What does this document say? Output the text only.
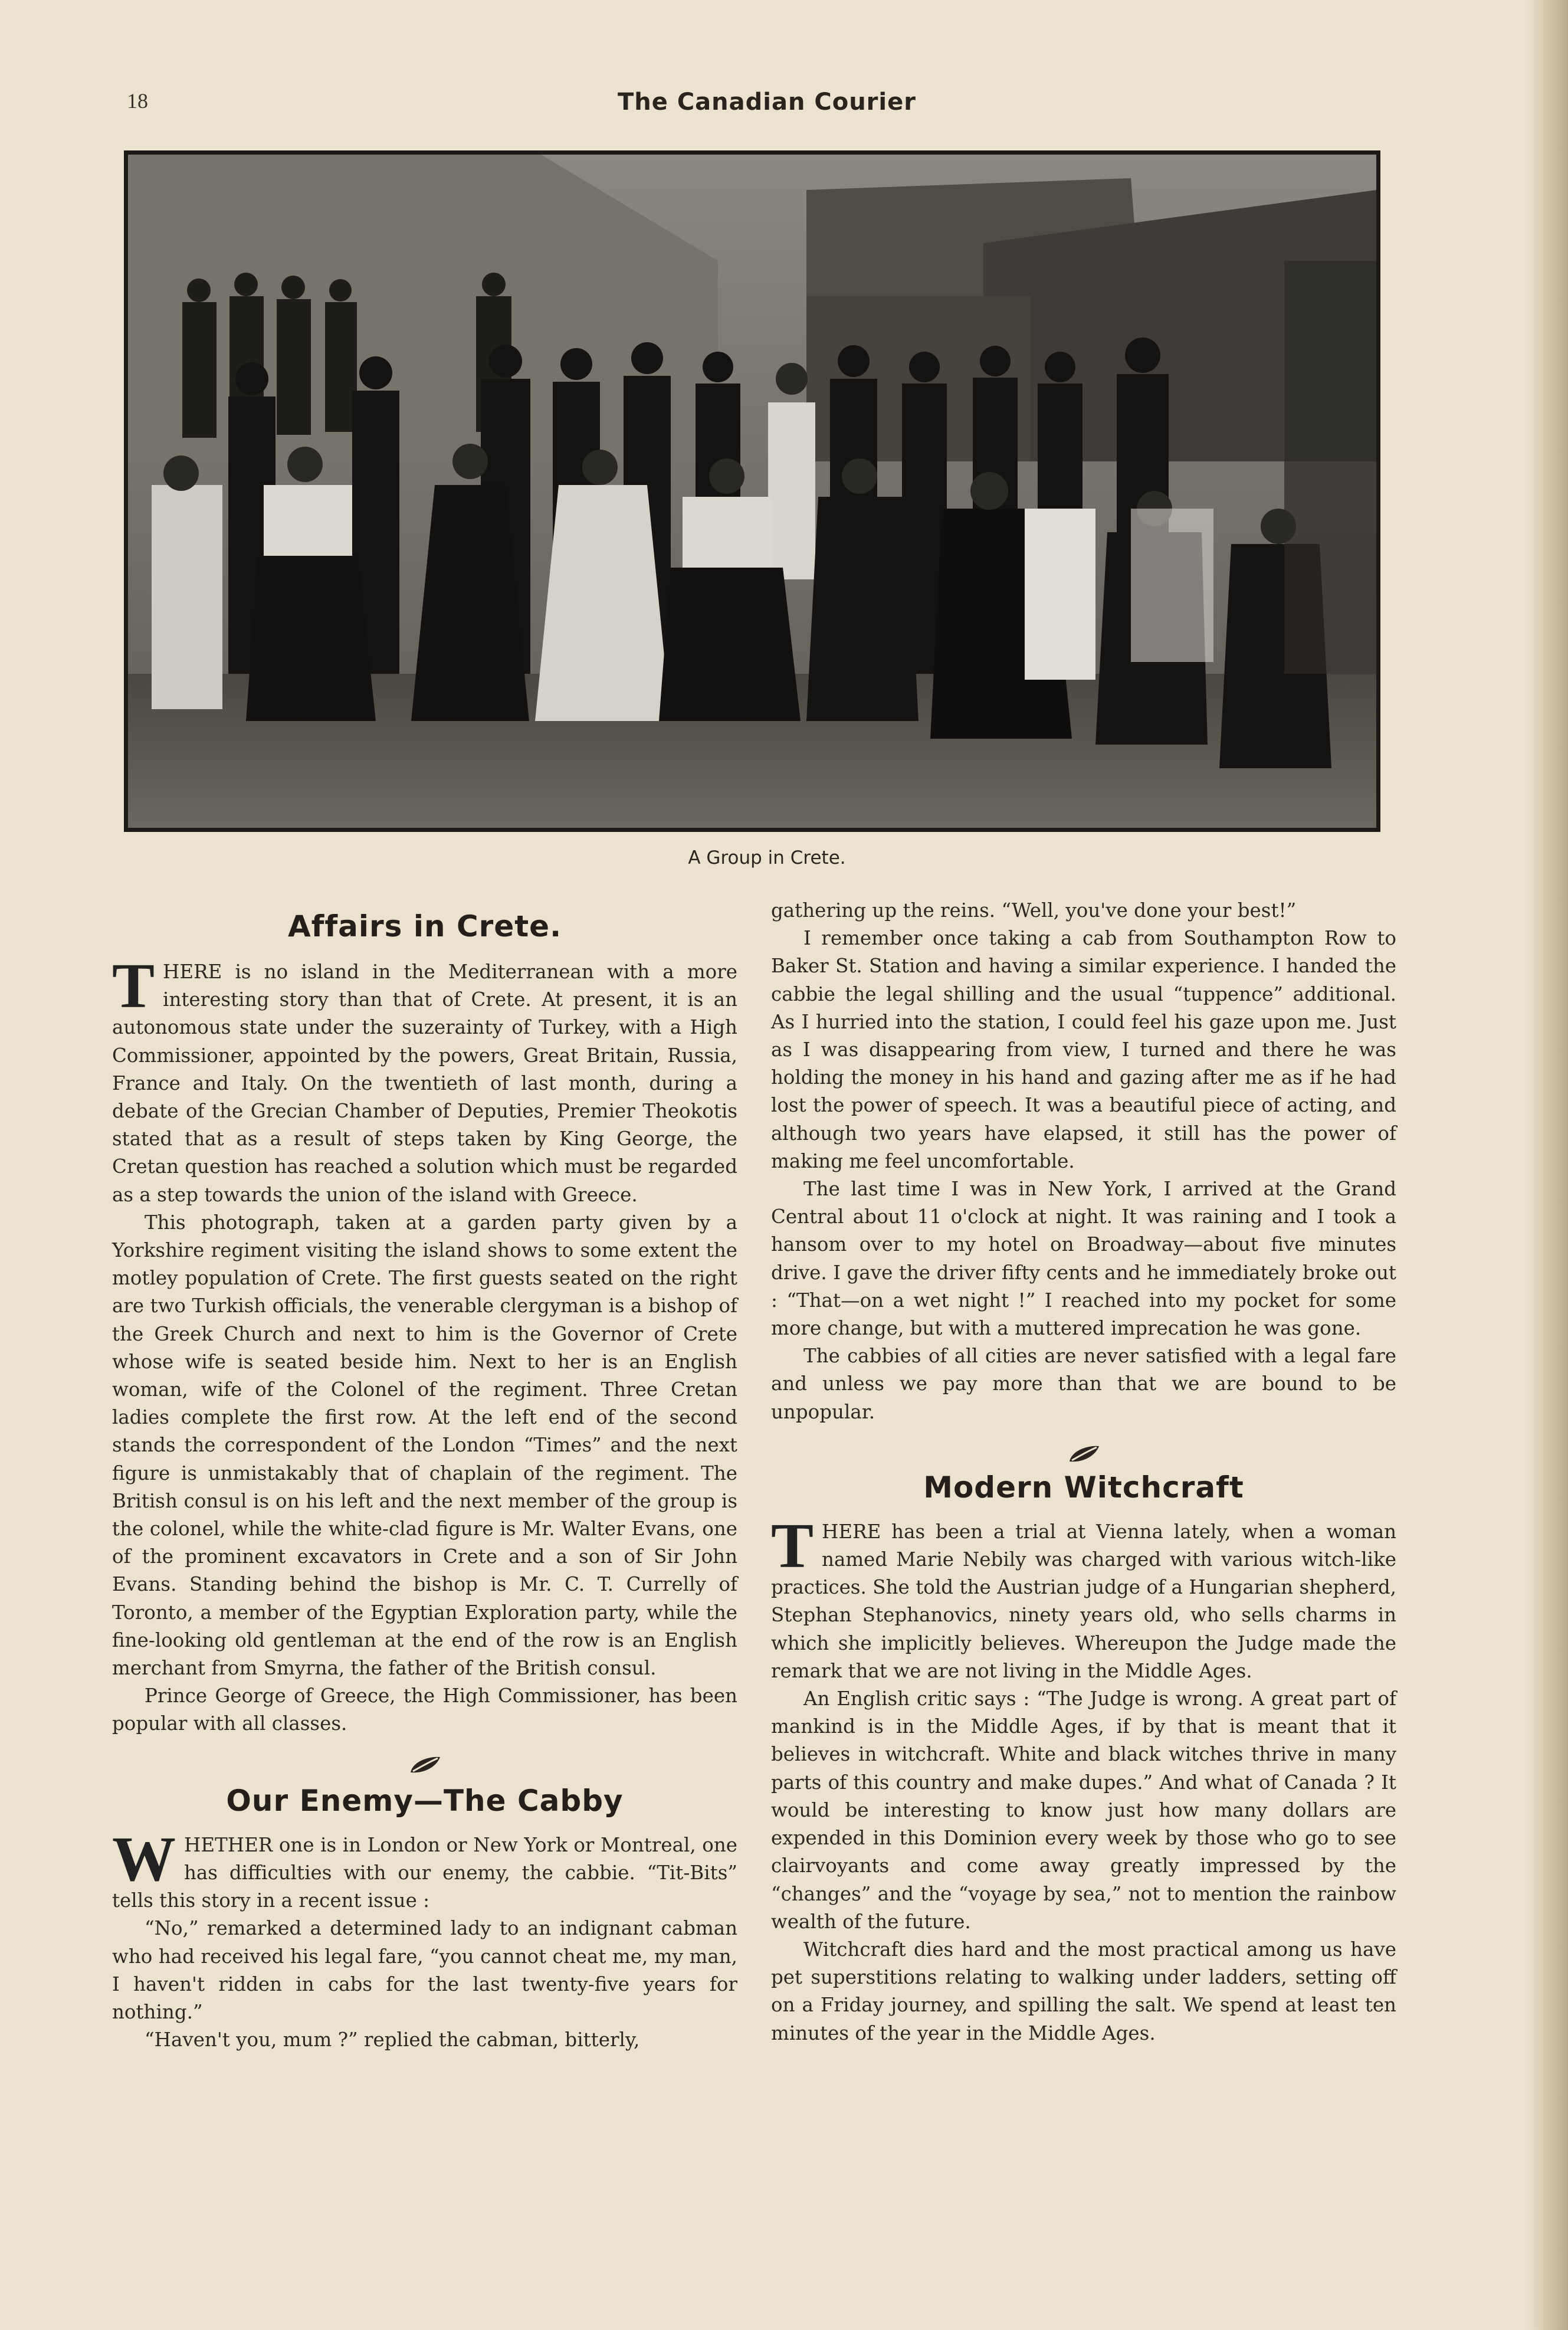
18	The Canadian Courier
A Group in Crete.
Affairs in Crete.

THERE is no island in the Mediterranean with a more interesting story than that of Crete. At present, it is an autonomous state under the suzerainty of Turkey, with a High Commissioner, appointed by the powers, Great Britain, Russia, France and Italy. On the twentieth of last month, during a debate of the Grecian Chamber of Deputies, Premier Theokotis stated that as a result of steps taken by King George, the Cretan question has reached a solution which must be regarded as a step towards the union of the island with Greece.

This photograph, taken at a garden party given by a Yorkshire regiment visiting the island shows to some extent the motley population of Crete. The first guests seated on the right are two Turkish officials, the venerable clergyman is a bishop of the Greek Church and next to him is the Governor of Crete whose wife is seated beside him. Next to her is an English woman, wife of the Colonel of the regiment. Three Cretan ladies complete the first row. At the left end of the second stands the correspondent of the London “Times” and the next figure is unmistakably that of chaplain of the regiment. The British consul is on his left and the next member of the group is the colonel, while the white-clad figure is Mr. Walter Evans, one of the prominent excavators in Crete and a son of Sir John Evans. Standing behind the bishop is Mr. C. T. Currelly of Toronto, a member of the Egyptian Exploration party, while the fine-looking old gentleman at the end of the row is an English merchant from Smyrna, the father of the British consul.

Prince George of Greece, the High Commissioner, has been popular with all classes.

Our Enemy—The Cabby

WHETHER one is in London or New York or Montreal, one has difficulties with our enemy, the cabbie. “Tit-Bits” tells this story in a recent issue :

“No,” remarked a determined lady to an indignant cabman who had received his legal fare, “you cannot cheat me, my man, I haven't ridden in cabs for the last twenty-five years for nothing.”

“Haven't you, mum ?” replied the cabman, bitterly,

gathering up the reins. “Well, you've done your best!”

I remember once taking a cab from Southampton Row to Baker St. Station and having a similar experience. I handed the cabbie the legal shilling and the usual “tuppence” additional. As I hurried into the station, I could feel his gaze upon me. Just as I was disappearing from view, I turned and there he was holding the money in his hand and gazing after me as if he had lost the power of speech. It was a beautiful piece of acting, and although two years have elapsed, it still has the power of making me feel uncomfortable.

The last time I was in New York, I arrived at the Grand Central about 11 o'clock at night. It was raining and I took a hansom over to my hotel on Broadway—about five minutes drive. I gave the driver fifty cents and he immediately broke out : “That—on a wet night !” I reached into my pocket for some more change, but with a muttered imprecation he was gone.

The cabbies of all cities are never satisfied with a legal fare and unless we pay more than that we are bound to be unpopular.

Modern Witchcraft

THERE has been a trial at Vienna lately, when a woman named Marie Nebily was charged with various witch-like practices. She told the Austrian judge of a Hungarian shepherd, Stephan Stephanovics, ninety years old, who sells charms in which she implicitly believes. Whereupon the Judge made the remark that we are not living in the Middle Ages.

An English critic says : “The Judge is wrong. A great part of mankind is in the Middle Ages, if by that is meant that it believes in witchcraft. White and black witches thrive in many parts of this country and make dupes.” And what of Canada ? It would be interesting to know just how many dollars are expended in this Dominion every week by those who go to see clairvoyants and come away greatly impressed by the “changes” and the “voyage by sea,” not to mention the rainbow wealth of the future.

Witchcraft dies hard and the most practical among us have pet superstitions relating to walking under ladders, setting off on a Friday journey, and spilling the salt. We spend at least ten minutes of the year in the Middle Ages.
